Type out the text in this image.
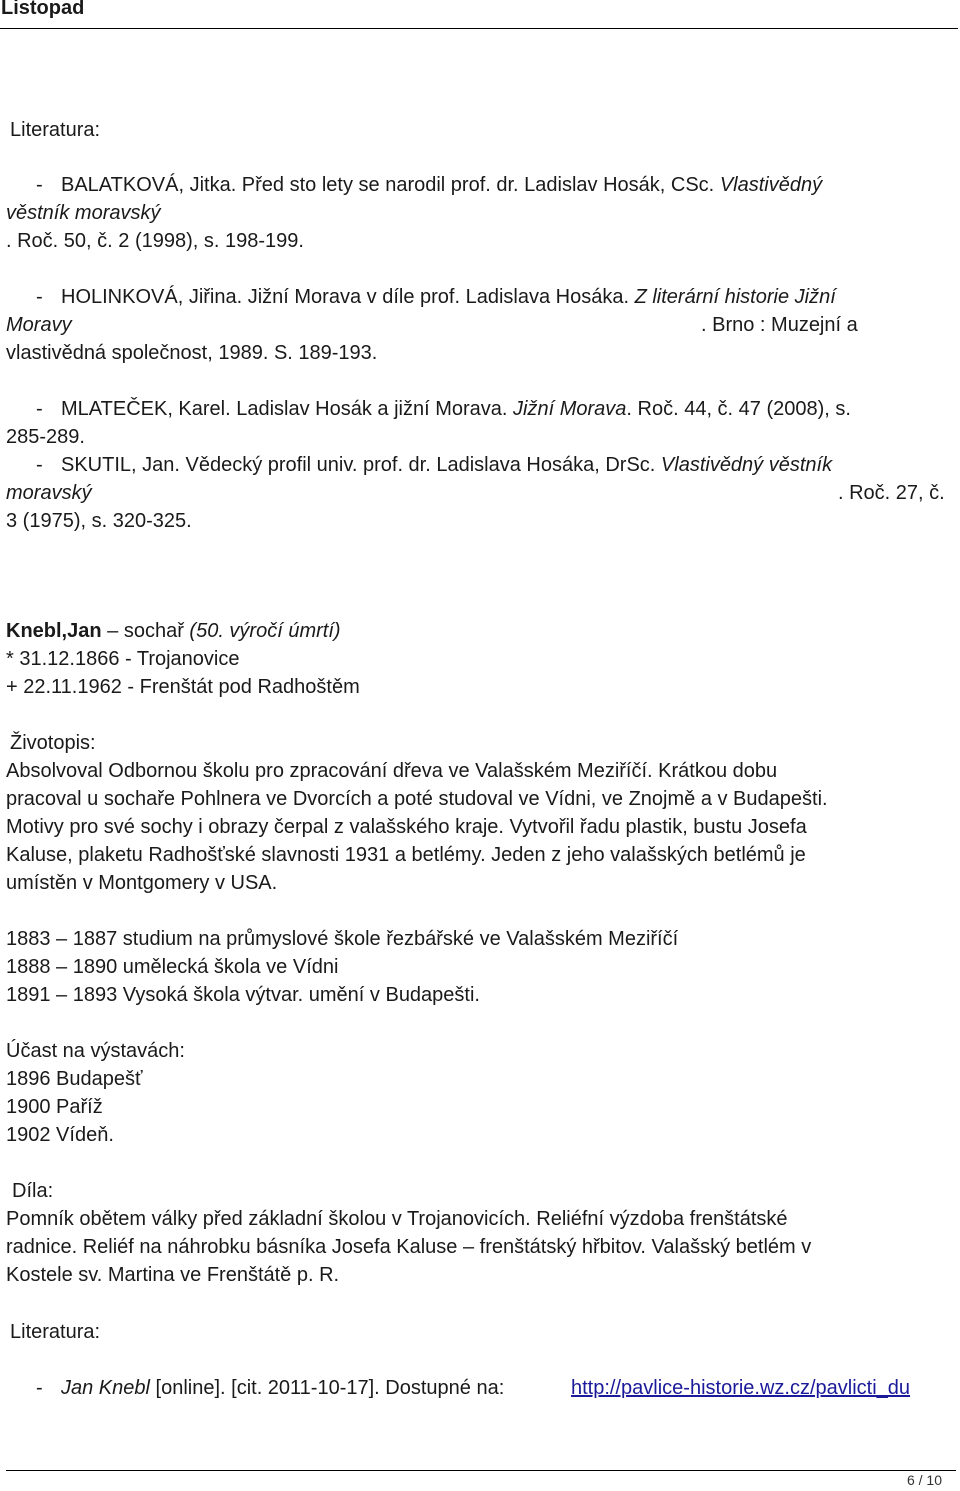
Listopad
Literatura:
- BALATKOVÁ, Jitka. Před sto lety se narodil prof. dr. Ladislav Hosák, CSc. Vlastivědný
věstník moravský
. Roč. 50, č. 2 (1998), s. 198-199.
- HOLINKOVÁ, Jiřina. Jižní Morava v díle prof. Ladislava Hosáka. Z literární historie Jižní
Moravy	. Brno : Muzejní a
vlastivědná společnost, 1989. S. 189-193.
- MLATEČEK, Karel. Ladislav Hosák a jižní Morava. Jižní Morava. Roč. 44, č. 47 (2008), s.
285-289.
- SKUTIL, Jan. Vědecký profil univ. prof. dr. Ladislava Hosáka, DrSc. Vlastivědný věstník
moravský	. Roč. 27, č.
3 (1975), s. 320-325.
Knebl,Jan – sochař (50. výročí úmrtí)
* 31.12.1866 - Trojanovice
+ 22.11.1962 - Frenštát pod Radhoštěm
Životopis:
Absolvoval Odbornou školu pro zpracování dřeva ve Valašském Meziříčí. Krátkou dobu
pracoval u sochaře Pohlnera ve Dvorcích a poté studoval ve Vídni, ve Znojmě a v Budapešti.
Motivy pro své sochy i obrazy čerpal z valašského kraje. Vytvořil řadu plastik, bustu Josefa
Kaluse, plaketu Radhošťské slavnosti 1931 a betlémy. Jeden z jeho valašských betlémů je
umístěn v Montgomery v USA.
1883 – 1887 studium na průmyslové škole řezbářské ve Valašském Meziříčí
1888 – 1890 umělecká škola ve Vídni
1891 – 1893 Vysoká škola výtvar. umění v Budapešti.
Účast na výstavách:
1896 Budapešť
1900 Paříž
1902 Vídeň.
Díla:
Pomník obětem války před základní školou v Trojanovicích. Reliéfní výzdoba frenštátské
radnice. Reliéf na náhrobku básníka Josefa Kaluse – frenštátský hřbitov. Valašský betlém v
Kostele sv. Martina ve Frenštátě p. R.
Literatura:
- Jan Knebl [online]. [cit. 2011-10-17]. Dostupné na:	http://pavlice-historie.wz.cz/pavlicti_du
6 / 10
